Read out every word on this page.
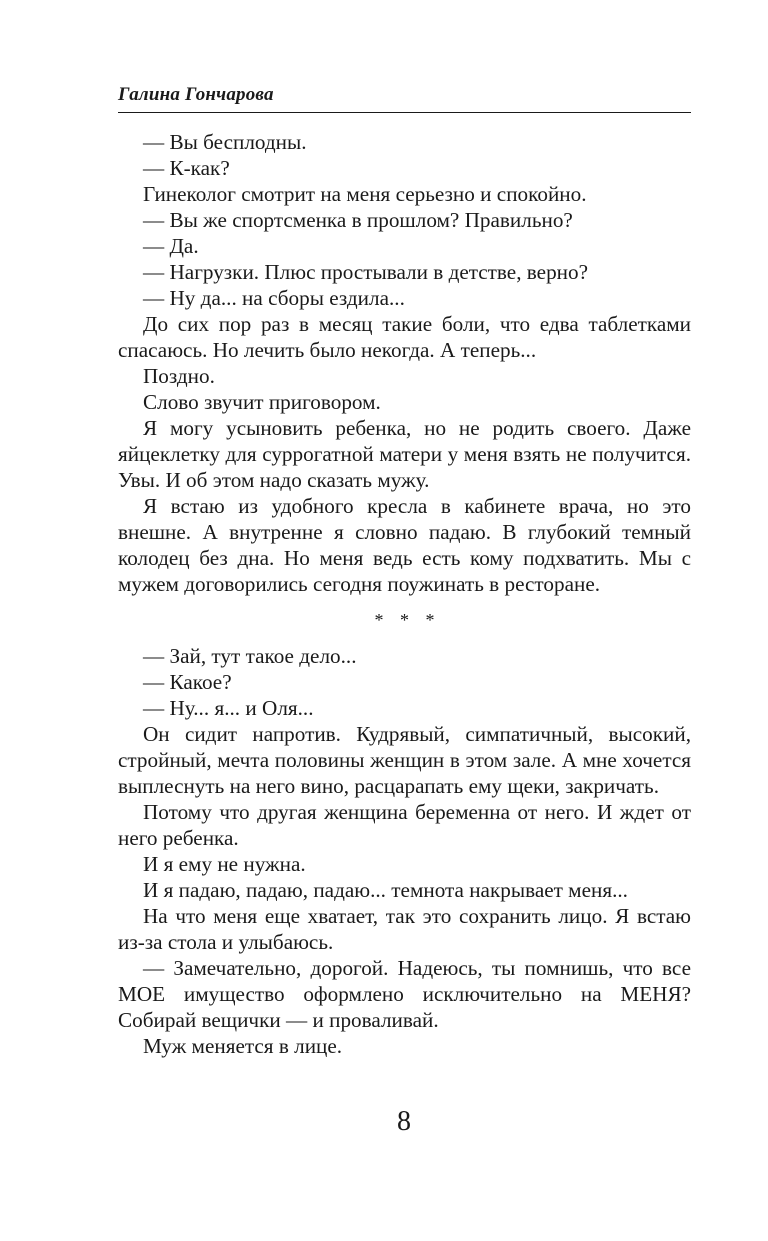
Галина Гончарова

— Вы бесплодны.

— К-как?

Гинеколог смотрит на меня серьезно и спокойно.

— Вы же спортсменка в прошлом? Правильно?

— Да.

— Нагрузки. Плюс простывали в детстве, верно?

— Ну да... на сборы ездила...

До сих пор раз в месяц такие боли, что едва таблетками спасаюсь. Но лечить было некогда. А теперь...

Поздно.

Слово звучит приговором.

Я могу усыновить ребенка, но не родить своего. Даже яйцеклетку для суррогатной матери у меня взять не получится. Увы. И об этом надо сказать мужу.

Я встаю из удобного кресла в кабинете врача, но это внешне. А внутренне я словно падаю. В глубокий темный колодец без дна. Но меня ведь есть кому подхватить. Мы с мужем договорились сегодня поужинать в ресторане.

* * *

— Зай, тут такое дело...

— Какое?

— Ну... я... и Оля...

Он сидит напротив. Кудрявый, симпатичный, высокий, стройный, мечта половины женщин в этом зале. А мне хочется выплеснуть на него вино, расцарапать ему щеки, закричать.

Потому что другая женщина беременна от него. И ждет от него ребенка.

И я ему не нужна.

И я падаю, падаю, падаю... темнота накрывает меня...

На что меня еще хватает, так это сохранить лицо. Я встаю из-за стола и улыбаюсь.

— Замечательно, дорогой. Надеюсь, ты помнишь, что все МОЕ имущество оформлено исключительно на МЕНЯ? Собирай вещички — и проваливай.

Муж меняется в лице.

8
